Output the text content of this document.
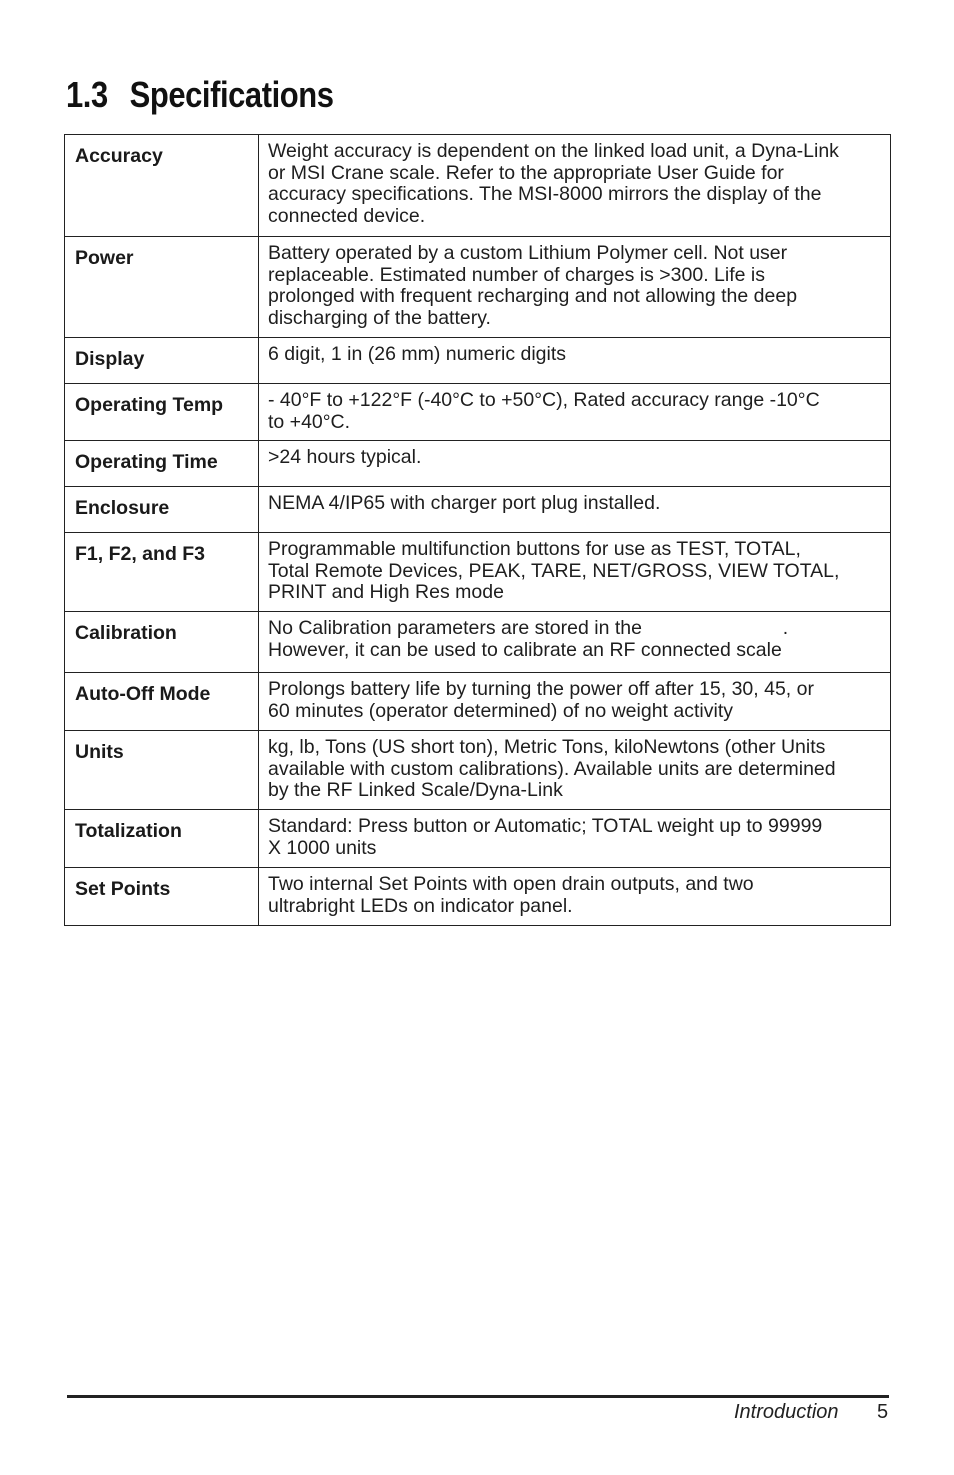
1.3 Specifications
Accuracy	Weight accuracy is dependent on the linked load unit, a Dyna-Link
or MSI Crane scale. Refer to the appropriate User Guide for
accuracy specifications. The MSI-8000 mirrors the display of the
connected device.

Power	Battery operated by a custom Lithium Polymer cell. Not user
replaceable. Estimated number of charges is >300. Life is
prolonged with frequent recharging and not allowing the deep
discharging of the battery.

Display	6 digit, 1 in (26 mm) numeric digits

Operating Temp	- 40°F to +122°F (-40°C to +50°C), Rated accuracy range -10°C
to +40°C.

Operating Time	>24 hours typical.

Enclosure	NEMA 4/IP65 with charger port plug installed.

F1, F2, and F3	Programmable multifunction buttons for use as TEST, TOTAL,
Total Remote Devices, PEAK, TARE, NET/GROSS, VIEW TOTAL,
PRINT and High Res mode

Calibration	No Calibration parameters are stored in the                          .
However, it can be used to calibrate an RF connected scale

Auto-Off Mode	Prolongs battery life by turning the power off after 15, 30, 45, or
60 minutes (operator determined) of no weight activity

Units	kg, lb, Tons (US short ton), Metric Tons, kiloNewtons (other Units
available with custom calibrations). Available units are determined
by the RF Linked Scale/Dyna-Link

Totalization	Standard: Press button or Automatic; TOTAL weight up to 99999
X 1000 units

Set Points	Two internal Set Points with open drain outputs, and two
ultrabright LEDs on indicator panel.
Introduction 5
